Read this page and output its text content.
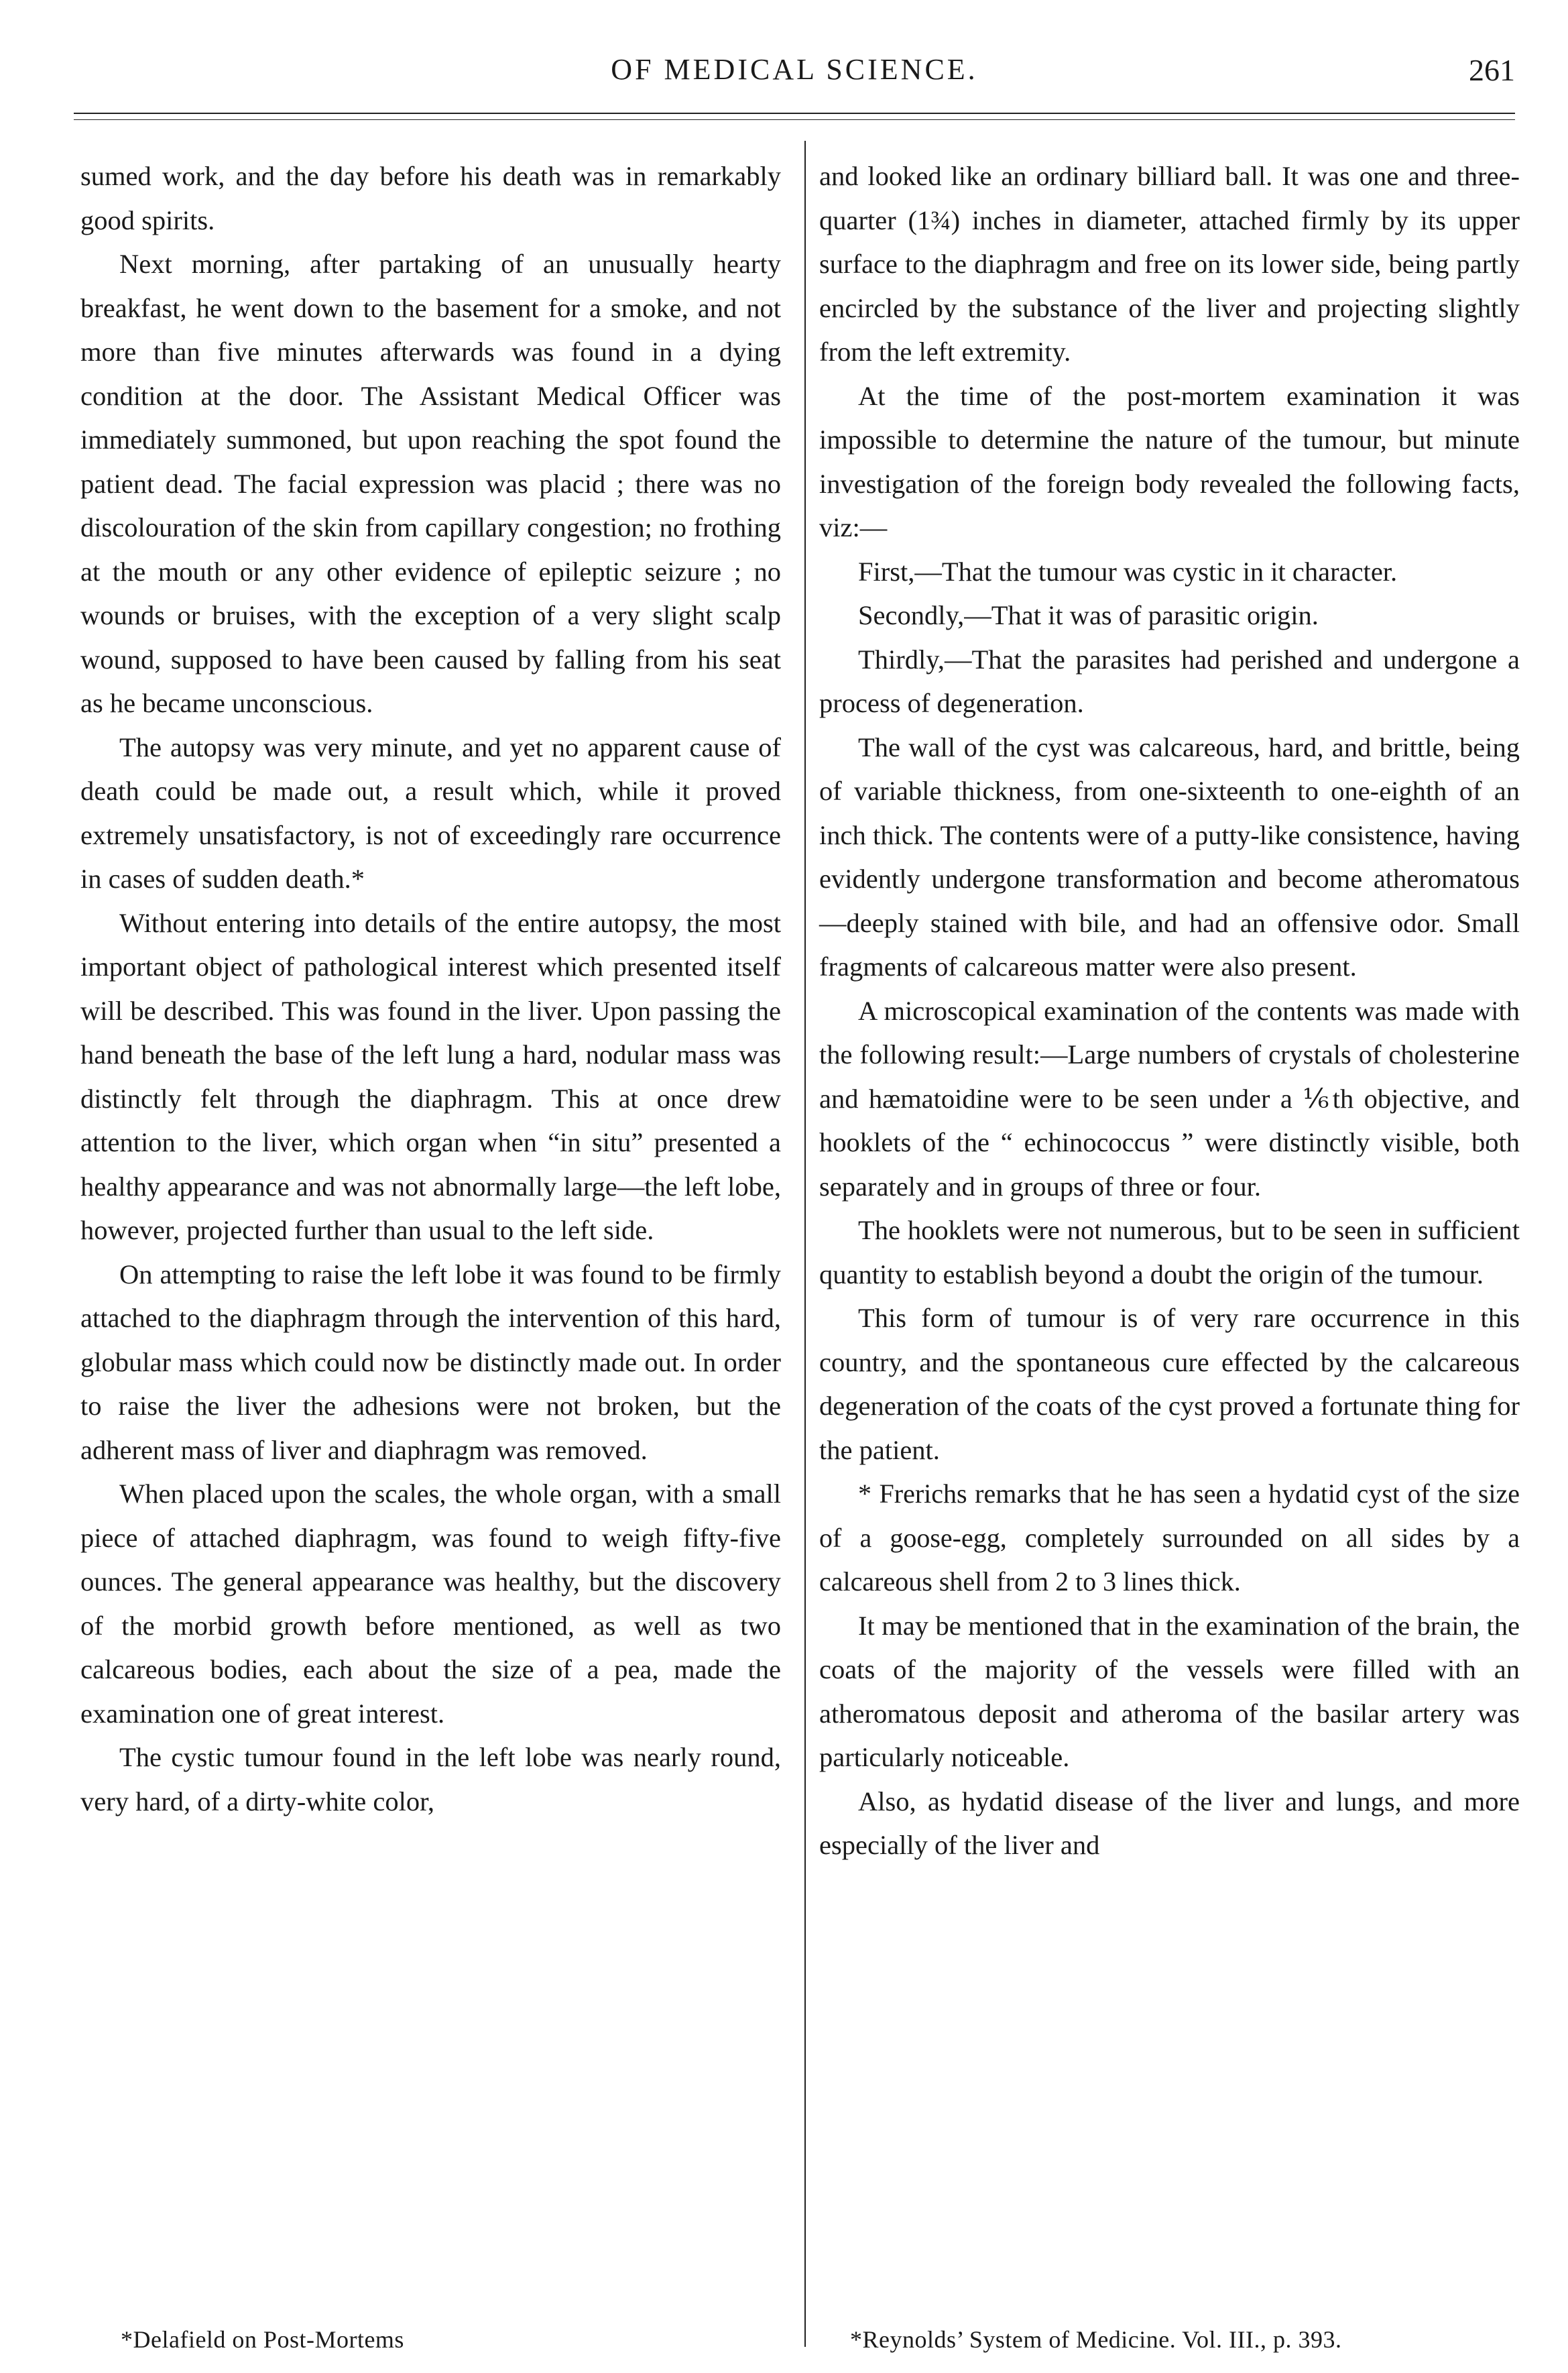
OF MEDICAL SCIENCE.	261

sumed work, and the day before his death was in remarkably good spirits.

Next morning, after partaking of an unusually hearty breakfast, he went down to the basement for a smoke, and not more than five minutes afterwards was found in a dying condition at the door. The Assistant Medical Officer was immediately summoned, but upon reaching the spot found the patient dead. The facial expression was placid ; there was no discolouration of the skin from capillary congestion; no frothing at the mouth or any other evidence of epileptic seizure ; no wounds or bruises, with the exception of a very slight scalp wound, supposed to have been caused by falling from his seat as he became unconscious.

The autopsy was very minute, and yet no apparent cause of death could be made out, a result which, while it proved extremely unsatisfactory, is not of exceedingly rare occurrence in cases of sudden death.*

Without entering into details of the entire autopsy, the most important object of pathological interest which presented itself will be described. This was found in the liver. Upon passing the hand beneath the base of the left lung a hard, nodular mass was distinctly felt through the diaphragm. This at once drew attention to the liver, which organ when “in situ” presented a healthy appearance and was not abnormally large—the left lobe, however, projected further than usual to the left side.

On attempting to raise the left lobe it was found to be firmly attached to the diaphragm through the intervention of this hard, globular mass which could now be distinctly made out. In order to raise the liver the adhesions were not broken, but the adherent mass of liver and diaphragm was removed.

When placed upon the scales, the whole organ, with a small piece of attached diaphragm, was found to weigh fifty-five ounces. The general appearance was healthy, but the discovery of the morbid growth before mentioned, as well as two calcareous bodies, each about the size of a pea, made the examination one of great interest.

The cystic tumour found in the left lobe was nearly round, very hard, of a dirty-white color,

and looked like an ordinary billiard ball. It was one and three-quarter (1¾) inches in diameter, attached firmly by its upper surface to the diaphragm and free on its lower side, being partly encircled by the substance of the liver and projecting slightly from the left extremity.

At the time of the post-mortem examination it was impossible to determine the nature of the tumour, but minute investigation of the foreign body revealed the following facts, viz:—

First,—That the tumour was cystic in it character.

Secondly,—That it was of parasitic origin.

Thirdly,—That the parasites had perished and undergone a process of degeneration.

The wall of the cyst was calcareous, hard, and brittle, being of variable thickness, from one-sixteenth to one-eighth of an inch thick. The contents were of a putty-like consistence, having evidently undergone transformation and become atheromatous—deeply stained with bile, and had an offensive odor. Small fragments of calcareous matter were also present.

A microscopical examination of the contents was made with the following result:—Large numbers of crystals of cholesterine and hæmatoidine were to be seen under a ⅙th objective, and hooklets of the “ echinococcus ” were distinctly visible, both separately and in groups of three or four.

The hooklets were not numerous, but to be seen in sufficient quantity to establish beyond a doubt the origin of the tumour.

This form of tumour is of very rare occurrence in this country, and the spontaneous cure effected by the calcareous degeneration of the coats of the cyst proved a fortunate thing for the patient.

* Frerichs remarks that he has seen a hydatid cyst of the size of a goose-egg, completely surrounded on all sides by a calcareous shell from 2 to 3 lines thick.

It may be mentioned that in the examination of the brain, the coats of the majority of the vessels were filled with an atheromatous deposit and atheroma of the basilar artery was particularly noticeable.

Also, as hydatid disease of the liver and lungs, and more especially of the liver and

*Delafield on Post-Mortems	*Reynolds’ System of Medicine. Vol. III., p. 393.
